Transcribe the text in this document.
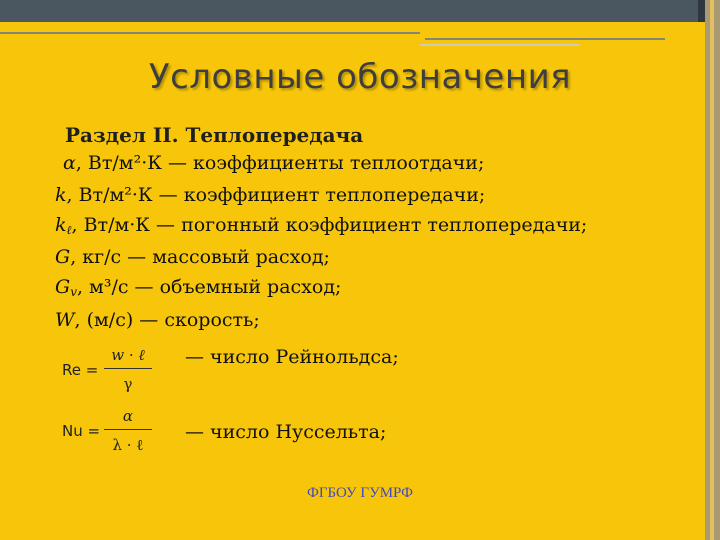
Условные обозначения
Раздел II. Теплопередача
α, Вт/м²·К — коэффициенты теплоотдачи;
k, Вт/м²·К — коэффициент теплопередачи;
$k_\ell$, Вт/м·К — погонный коэффициент теплопередачи;
G, кг/с — массовый расход;
$G_v$, м³/с — объемный расход;
W, (м/с) — скорость;
Re =
w · ℓ
γ
— число Рейнольдса;
Nu =
α
λ · ℓ
— число Нуссельта;
ФГБОУ ГУМРФ
